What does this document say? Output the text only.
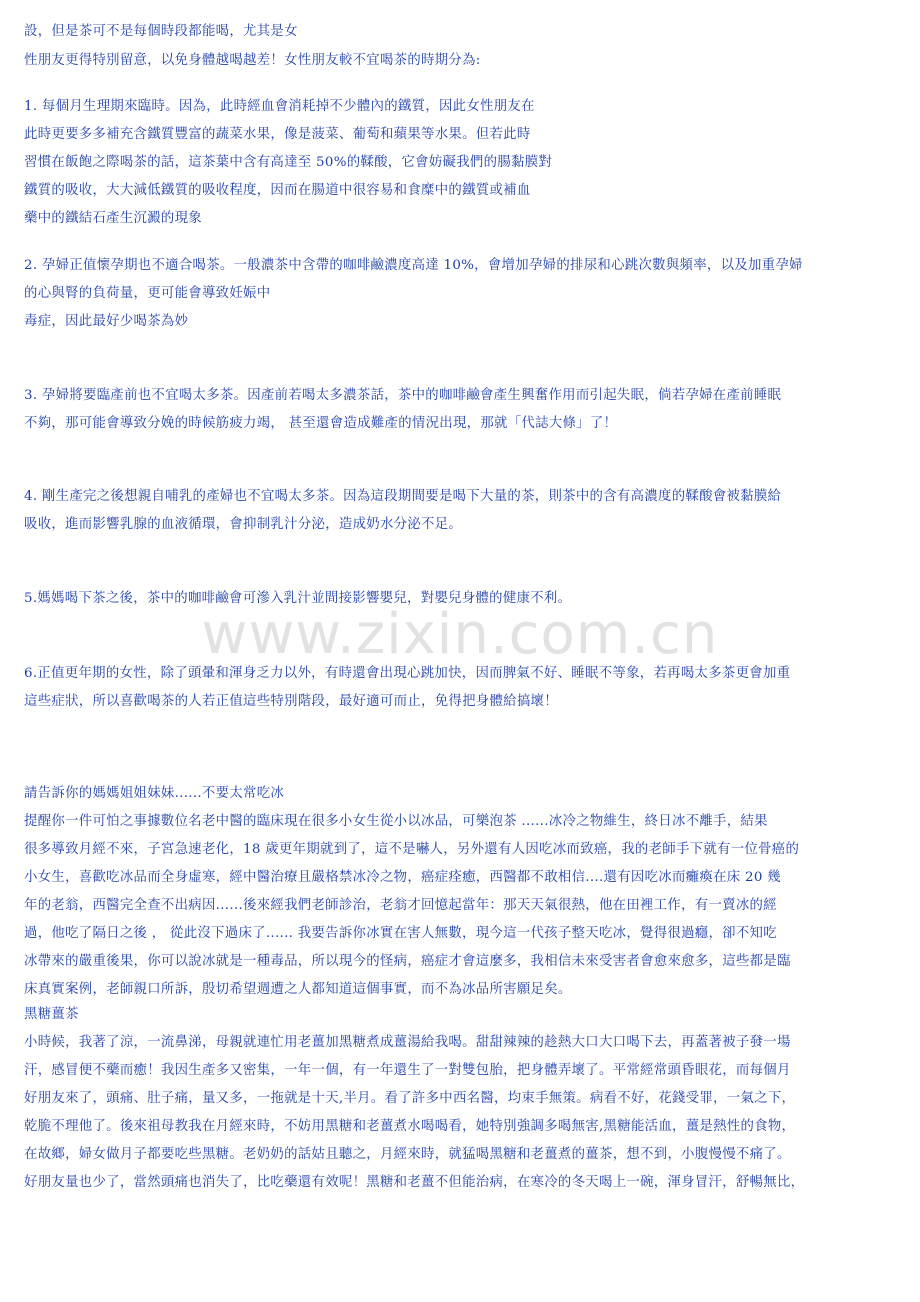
www.zixin.com.cn
設，但是茶可不是每個時段都能喝，尤其是女
性朋友更得特別留意，以免身體越喝越差！女性朋友較不宜喝茶的時期分為:
1. 每個月生理期來臨時。因為，此時經血會消耗掉不少體內的鐵質，因此女性朋友在
此時更要多多補充含鐵質豐富的蔬菜水果，像是菠菜、葡萄和蘋果等水果。但若此時
習慣在飯飽之際喝茶的話，這茶葉中含有高達至 50%的鞣酸，它會妨礙我們的腸黏膜對
鐵質的吸收，大大減低鐵質的吸收程度，因而在腸道中很容易和食糜中的鐵質或補血
藥中的鐵結石產生沉澱的現象
2. 孕婦正值懷孕期也不適合喝茶。一般濃茶中含帶的咖啡鹼濃度高達 10%，會增加孕婦的排尿和心跳次數與頻率，以及加重孕婦
的心與腎的負荷量，更可能會導致妊娠中
毒症，因此最好少喝茶為妙
3. 孕婦將要臨產前也不宜喝太多茶。因產前若喝太多濃茶話，茶中的咖啡鹼會產生興奮作用而引起失眠，倘若孕婦在產前睡眠
不夠，那可能會導致分娩的時候筋疲力竭， 甚至還會造成難產的情況出現，那就「代誌大條」了！
4. 剛生產完之後想親自哺乳的產婦也不宜喝太多茶。因為這段期間要是喝下大量的茶，則茶中的含有高濃度的鞣酸會被黏膜給
吸收，進而影響乳腺的血液循環，會抑制乳汁分泌，造成奶水分泌不足。
5.媽媽喝下茶之後，茶中的咖啡鹼會可滲入乳汁並間接影響嬰兒，對嬰兒身體的健康不利。
6.正值更年期的女性，除了頭暈和渾身乏力以外，有時還會出現心跳加快，因而脾氣不好、睡眠不等象，若再喝太多茶更會加重
這些症狀，所以喜歡喝茶的人若正值這些特別階段，最好適可而止，免得把身體給搞壞！
請告訴你的媽媽姐姐妹妹......不要太常吃冰
提醒你一件可怕之事據數位名老中醫的臨床現在很多小女生從小以冰品，可樂泡茶 ......冰冷之物維生，終日冰不離手，結果
很多導致月經不來，子宮急速老化，18 歲更年期就到了，這不是嚇人，另外還有人因吃冰而致癌，我的老師手下就有一位骨癌的
小女生，喜歡吃冰品而全身虛寒，經中醫治療且嚴格禁冰冷之物，癌症痊癒，西醫都不敢相信....還有因吃冰而癱瘓在床 20 幾
年的老翁，西醫完全查不出病因......後來經我們老師診治，老翁才回憶起當年：那天天氣很熱，他在田裡工作，有一賣冰的經
過，他吃了隔日之後 ， 從此沒下過床了...... 我要告訴你冰實在害人無數，現今這一代孩子整天吃冰，覺得很過癮，卻不知吃
冰帶來的嚴重後果，你可以說冰就是一種毒品，所以現今的怪病，癌症才會這麼多，我相信未來受害者會愈來愈多，這些都是臨
床真實案例，老師親口所訴，殷切希望週遭之人都知道這個事實，而不為冰品所害願足矣。
黑糖薑茶
小時候，我著了涼，一流鼻涕，母親就連忙用老薑加黑糖煮成薑湯給我喝。甜甜辣辣的趁熱大口大口喝下去，再蓋著被子發一場
汗，感冒便不藥而癒！我因生產多又密集，一年一個，有一年還生了一對雙包胎，把身體弄壞了。平常經常頭昏眼花，而每個月
好朋友來了，頭痛、肚子痛，量又多，一拖就是十天,半月。看了許多中西名醫，均束手無策。病看不好，花錢受罪，一氣之下，
乾脆不理他了。後來祖母教我在月經來時，不妨用黑糖和老薑煮水喝喝看，她特別強調多喝無害,黑糖能活血，薑是熱性的食物，
在故鄉，婦女做月子都要吃些黑糖。老奶奶的話姑且聽之，月經來時，就猛喝黑糖和老薑煮的薑茶，想不到，小腹慢慢不痛了。
好朋友量也少了，當然頭痛也消失了，比吃藥還有效呢！黑糖和老薑不但能治病，在寒冷的冬天喝上一碗，渾身冒汗，舒暢無比，
